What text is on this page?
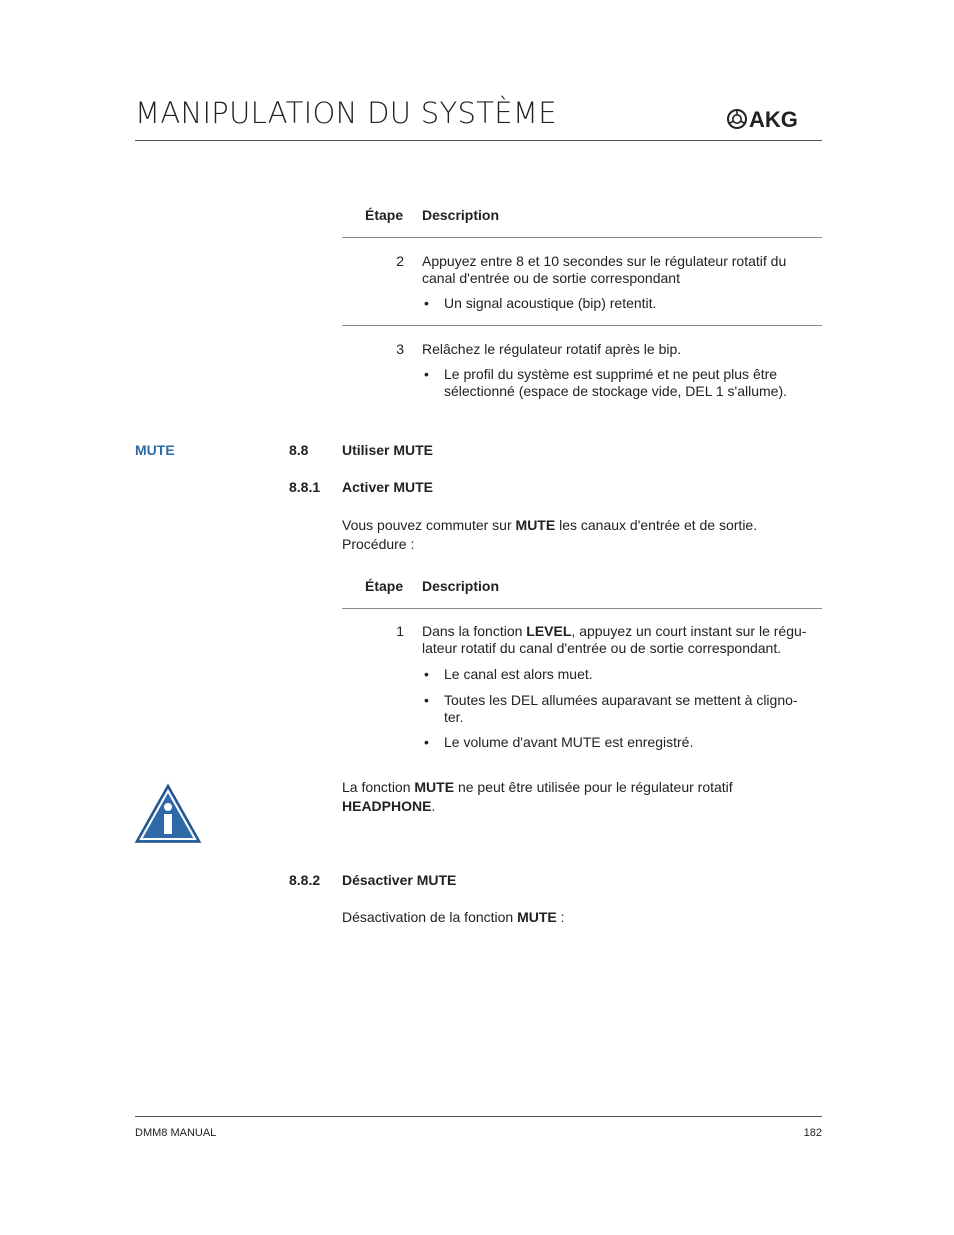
MANIPULATION DU SYSTÈME	AKG
Étape Description
2 Appuyez entre 8 et 10 secondes sur le régulateur rotatif du
canal d'entrée ou de sortie correspondant
• Un signal acoustique (bip) retentit.
3 Relâchez le régulateur rotatif après le bip.
• Le profil du système est supprimé et ne peut plus être
sélectionné (espace de stockage vide, DEL 1 s'allume).
MUTE	8.8 Utiliser MUTE
8.8.1 Activer MUTE
Vous pouvez commuter sur MUTE les canaux d'entrée et de sortie.
Procédure :
Étape Description
1 Dans la fonction LEVEL, appuyez un court instant sur le régu-
lateur rotatif du canal d'entrée ou de sortie correspondant.
• Le canal est alors muet.
• Toutes les DEL allumées auparavant se mettent à cligno-
ter.
• Le volume d'avant MUTE est enregistré.
La fonction MUTE ne peut être utilisée pour le régulateur rotatif
HEADPHONE.
8.8.2 Désactiver MUTE
Désactivation de la fonction MUTE :
DMM8 MANUAL	182
